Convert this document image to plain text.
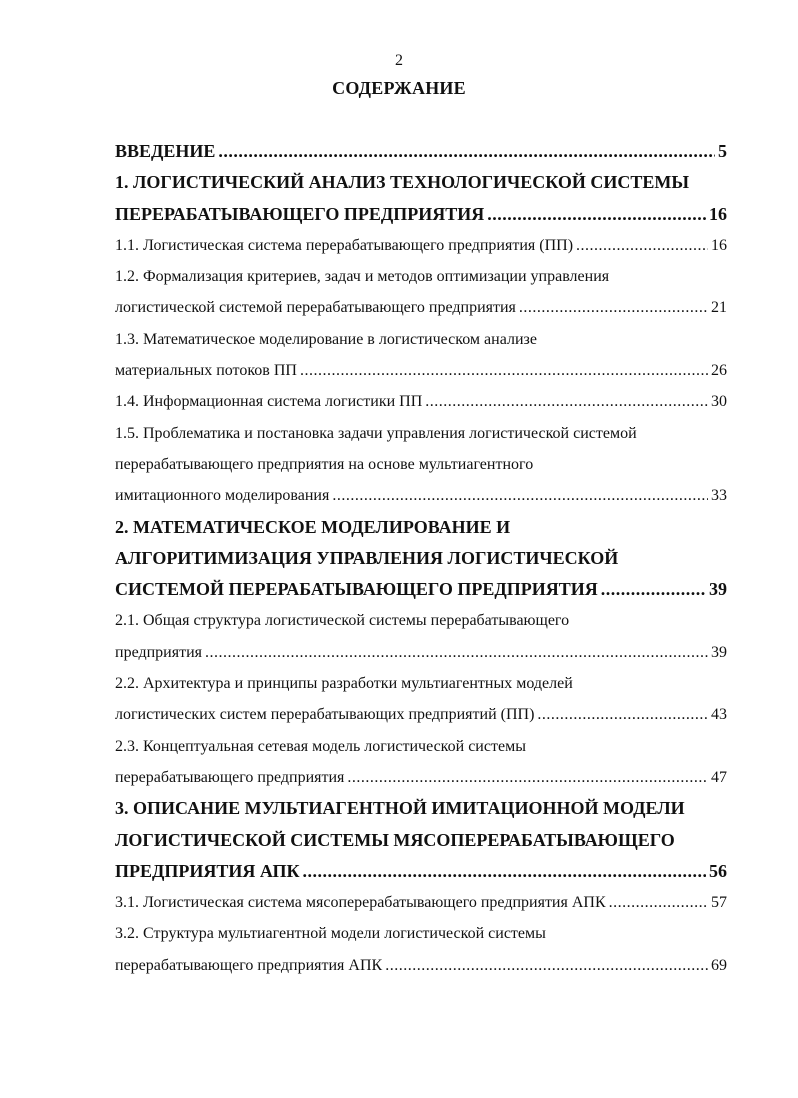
2
СОДЕРЖАНИЕ
ВВЕДЕНИЕ .....	5
1. ЛОГИСТИЧЕСКИЙ АНАЛИЗ ТЕХНОЛОГИЧЕСКОЙ СИСТЕМЫ
ПЕРЕРАБАТЫВАЮЩЕГО ПРЕДПРИЯТИЯ .....	16
1.1. Логистическая система перерабатывающего предприятия (ПП) .....	16
1.2. Формализация критериев, задач и методов оптимизации управления
логистической системой перерабатывающего предприятия .....	21
1.3. Математическое моделирование в логистическом анализе
материальных потоков ПП .....	26
1.4. Информационная система логистики ПП .....	30
1.5. Проблематика и постановка задачи управления логистической системой
перерабатывающего предприятия на основе мультиагентного
имитационного моделирования .....	33
2. МАТЕМАТИЧЕСКОЕ МОДЕЛИРОВАНИЕ И
АЛГОРИТИМИЗАЦИЯ УПРАВЛЕНИЯ ЛОГИСТИЧЕСКОЙ
СИСТЕМОЙ ПЕРЕРАБАТЫВАЮЩЕГО ПРЕДПРИЯТИЯ .....	39
2.1. Общая структура логистической системы перерабатывающего
предприятия .....	39
2.2. Архитектура и принципы разработки мультиагентных моделей
логистических систем перерабатывающих предприятий (ПП) .....	43
2.3. Концептуальная сетевая модель логистической системы
перерабатывающего предприятия .....	47
3. ОПИСАНИЕ МУЛЬТИАГЕНТНОЙ ИМИТАЦИОННОЙ МОДЕЛИ
ЛОГИСТИЧЕСКОЙ СИСТЕМЫ МЯСОПЕРЕРАБАТЫВАЮЩЕГО
ПРЕДПРИЯТИЯ АПК .....	56
3.1. Логистическая система мясоперерабатывающего предприятия АПК .....	57
3.2. Структура мультиагентной модели логистической системы
перерабатывающего предприятия АПК .....	69
